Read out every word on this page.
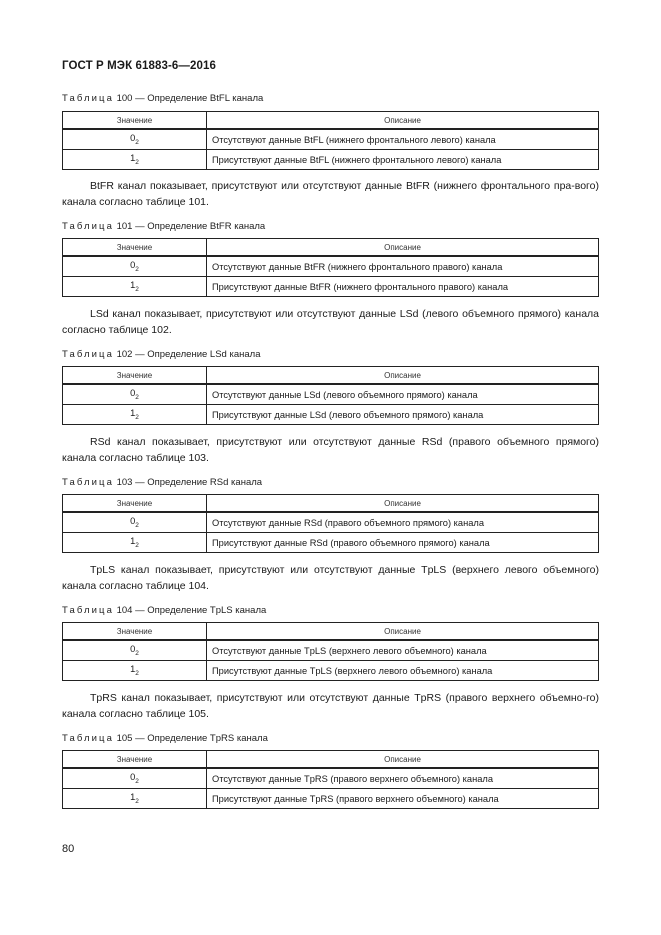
ГОСТ Р МЭК 61883-6—2016
Таблица 100 — Определение BtFL канала
Значение	Описание
$0_2$	Отсутствуют данные BtFL (нижнего фронтального левого) канала
$1_2$	Присутствуют данные BtFL (нижнего фронтального левого) канала
BtFR канал показывает, присутствуют или отсутствуют данные BtFR (нижнего фронтального пра-вого) канала согласно таблице 101.
Таблица 101 — Определение BtFR канала
Значение	Описание
$0_2$	Отсутствуют данные BtFR (нижнего фронтального правого) канала
$1_2$	Присутствуют данные BtFR (нижнего фронтального правого) канала
LSd канал показывает, присутствуют или отсутствуют данные LSd (левого объемного прямого) канала согласно таблице 102.
Таблица 102 — Определение LSd канала
Значение	Описание
$0_2$	Отсутствуют данные LSd (левого объемного прямого) канала
$1_2$	Присутствуют данные LSd (левого объемного прямого) канала
RSd канал показывает, присутствуют или отсутствуют данные RSd (правого объемного прямого) канала согласно таблице 103.
Таблица 103 — Определение RSd канала
Значение	Описание
$0_2$	Отсутствуют данные RSd (правого объемного прямого) канала
$1_2$	Присутствуют данные RSd (правого объемного прямого) канала
TpLS канал показывает, присутствуют или отсутствуют данные TpLS (верхнего левого объемного) канала согласно таблице 104.
Таблица 104 — Определение TpLS канала
Значение	Описание
$0_2$	Отсутствуют данные TpLS (верхнего левого объемного) канала
$1_2$	Присутствуют данные TpLS (верхнего левого объемного) канала
TpRS канал показывает, присутствуют или отсутствуют данные TpRS (правого верхнего объемно-го) канала согласно таблице 105.
Таблица 105 — Определение TpRS канала
Значение	Описание
$0_2$	Отсутствуют данные TpRS (правого верхнего объемного) канала
$1_2$	Присутствуют данные TpRS (правого верхнего объемного) канала
80
